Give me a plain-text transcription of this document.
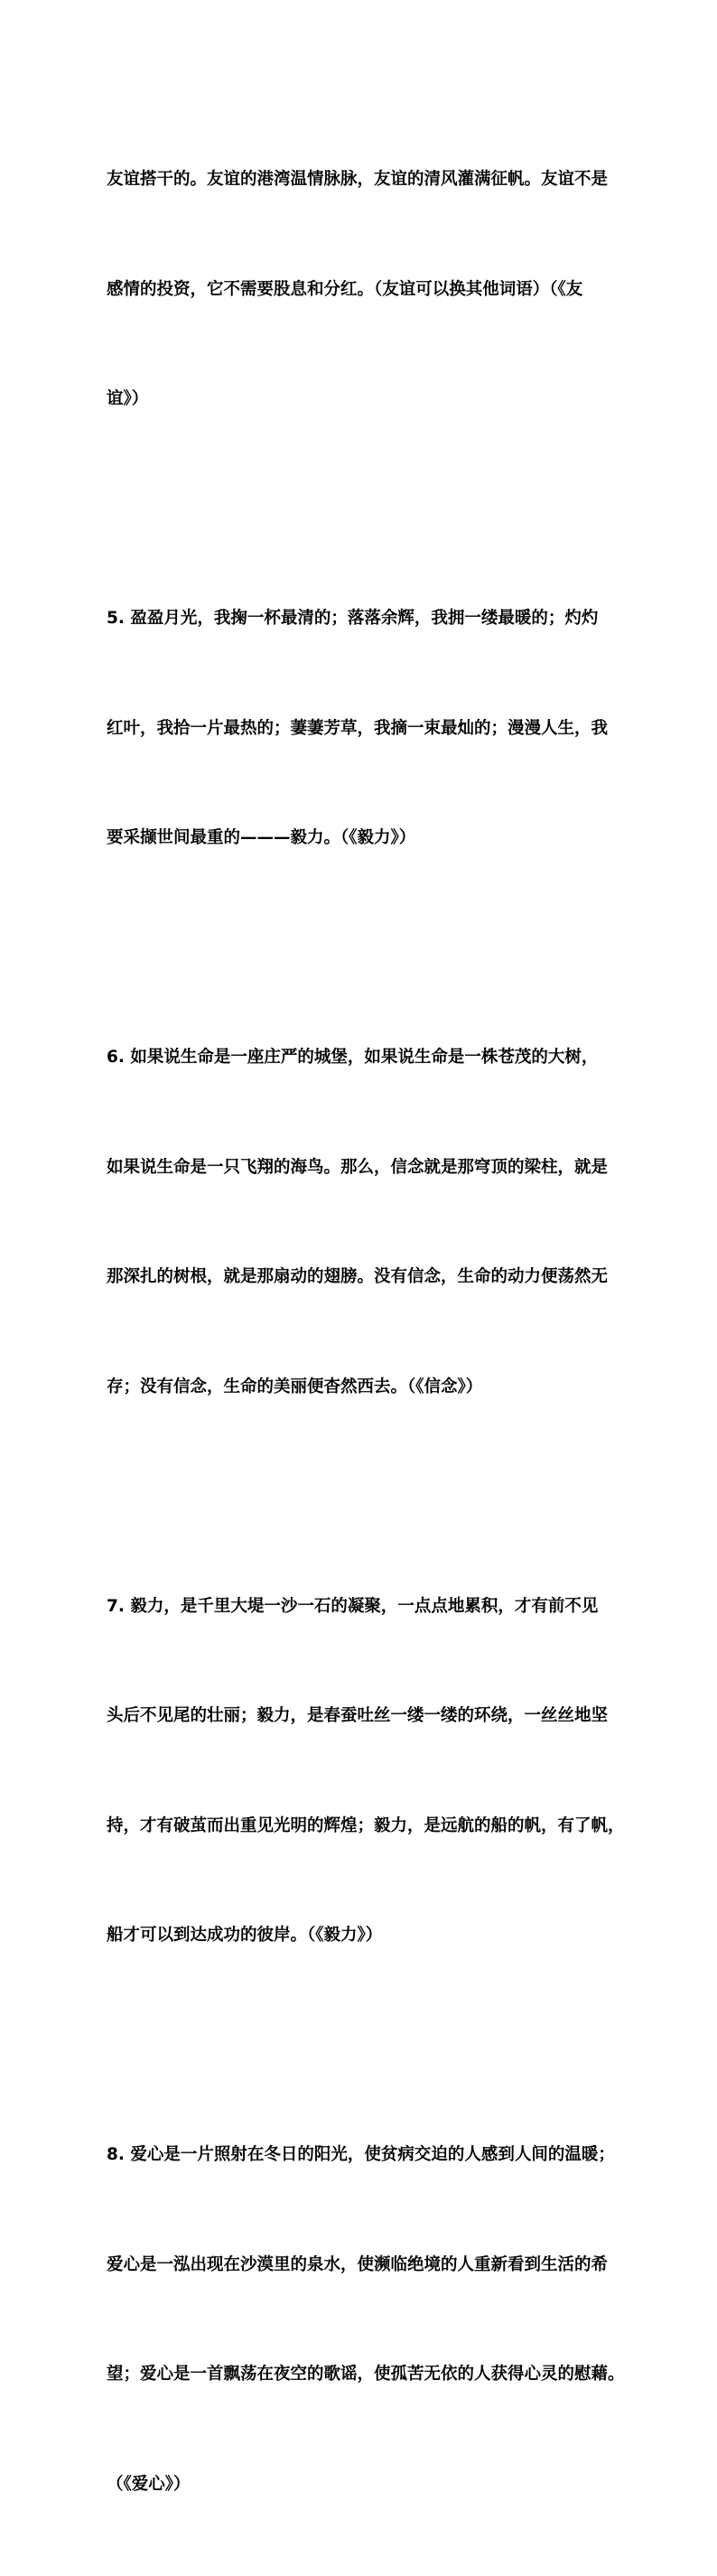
友谊搭干的。友谊的港湾温情脉脉，友谊的清风灌满征帆。友谊不是

感情的投资，它不需要股息和分红。（友谊可以换其他词语）（《友

谊》）

5. 盈盈月光，我掬一杯最清的；落落余辉，我拥一缕最暖的；灼灼

红叶，我拾一片最热的；萋萋芳草，我摘一束最灿的；漫漫人生，我

要采撷世间最重的———毅力。（《毅力》）

6. 如果说生命是一座庄严的城堡，如果说生命是一株苍茂的大树，

如果说生命是一只飞翔的海鸟。那么，信念就是那穹顶的梁柱，就是

那深扎的树根，就是那扇动的翅膀。没有信念，生命的动力便荡然无

存；没有信念，生命的美丽便杳然西去。（《信念》）

7. 毅力，是千里大堤一沙一石的凝聚，一点点地累积，才有前不见

头后不见尾的壮丽；毅力，是春蚕吐丝一缕一缕的环绕，一丝丝地坚

持，才有破茧而出重见光明的辉煌；毅力，是远航的船的帆，有了帆，

船才可以到达成功的彼岸。（《毅力》）

8. 爱心是一片照射在冬日的阳光，使贫病交迫的人感到人间的温暖；

爱心是一泓出现在沙漠里的泉水，使濒临绝境的人重新看到生活的希

望；爱心是一首飘荡在夜空的歌谣，使孤苦无依的人获得心灵的慰藉。

（《爱心》）
